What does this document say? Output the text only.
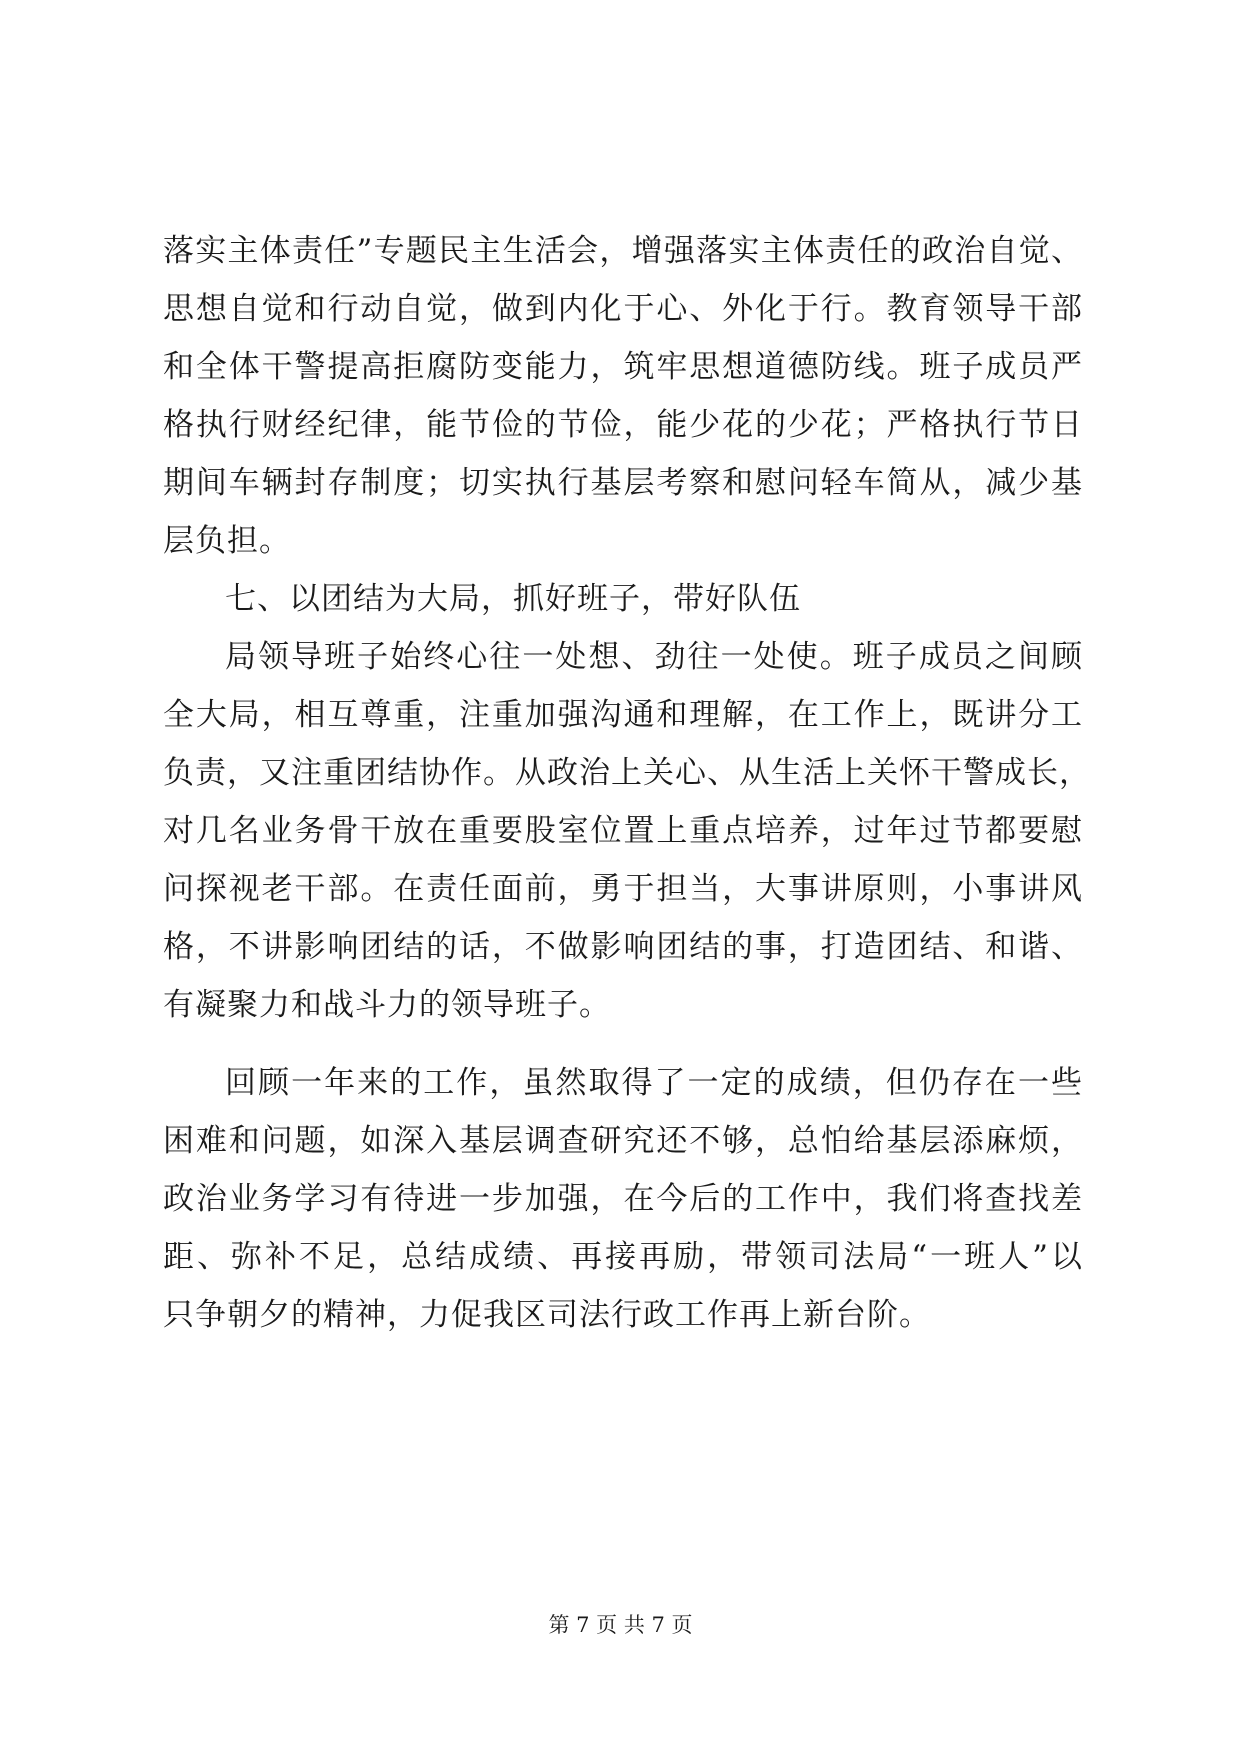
落实主体责任”专题民主生活会，增强落实主体责任的政治自觉、
思想自觉和行动自觉，做到内化于心、外化于行。教育领导干部
和全体干警提高拒腐防变能力，筑牢思想道德防线。班子成员严
格执行财经纪律，能节俭的节俭，能少花的少花；严格执行节日
期间车辆封存制度；切实执行基层考察和慰问轻车简从，减少基
层负担。
七、以团结为大局，抓好班子，带好队伍
局领导班子始终心往一处想、劲往一处使。班子成员之间顾
全大局，相互尊重，注重加强沟通和理解，在工作上，既讲分工
负责，又注重团结协作。从政治上关心、从生活上关怀干警成长，
对几名业务骨干放在重要股室位置上重点培养，过年过节都要慰
问探视老干部。在责任面前，勇于担当，大事讲原则，小事讲风
格，不讲影响团结的话，不做影响团结的事，打造团结、和谐、
有凝聚力和战斗力的领导班子。
回顾一年来的工作，虽然取得了一定的成绩，但仍存在一些
困难和问题，如深入基层调查研究还不够，总怕给基层添麻烦，
政治业务学习有待进一步加强，在今后的工作中，我们将查找差
距、弥补不足，总结成绩、再接再励，带领司法局“一班人”以
只争朝夕的精神，力促我区司法行政工作再上新台阶。
第 7 页 共 7 页
